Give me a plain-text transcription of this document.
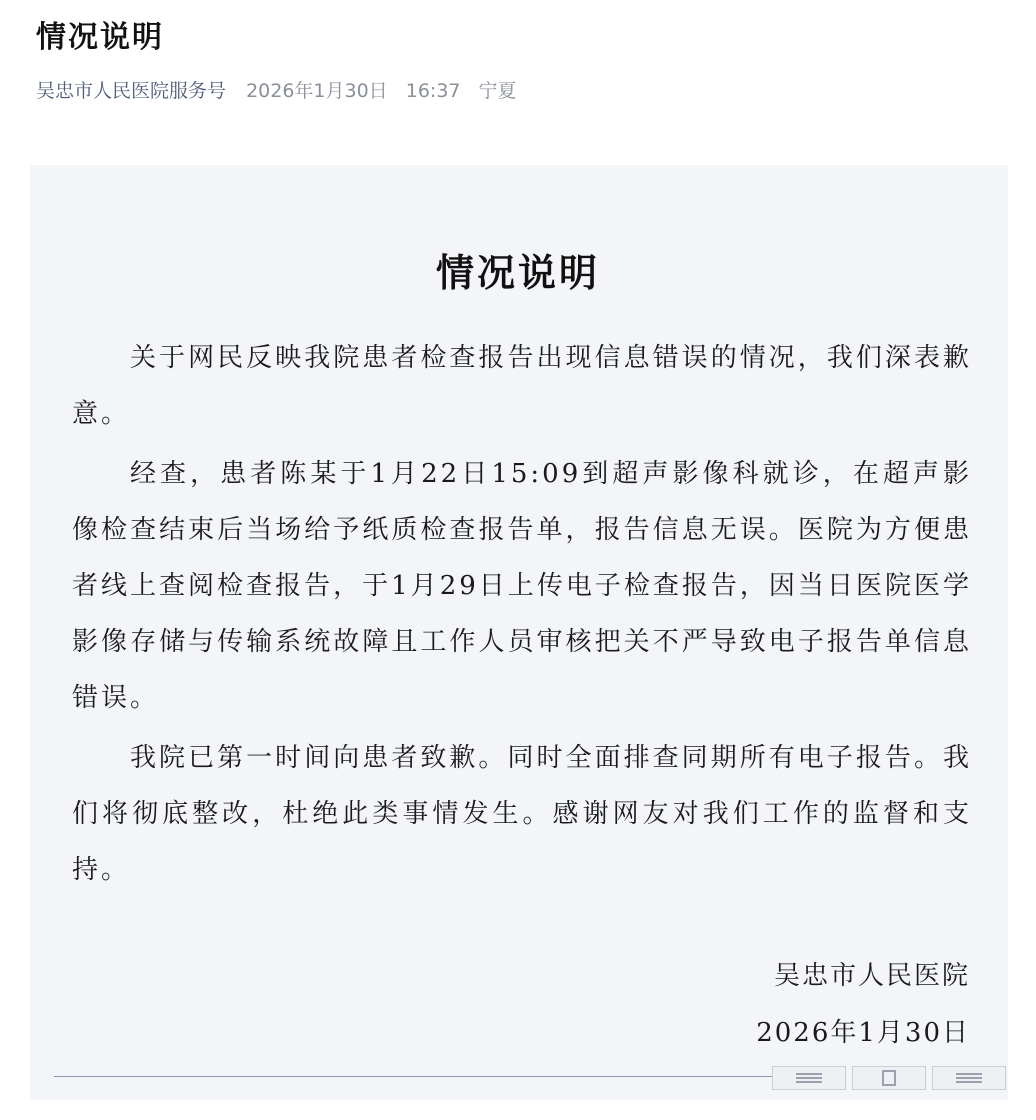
情况说明
吴忠市人民医院服务号 2026年1月30日 16:37 宁夏
情况说明

关于网民反映我院患者检查报告出现信息错误的情况，我们深表歉意。

经查，患者陈某于1月22日15:09到超声影像科就诊，在超声影像检查结束后当场给予纸质检查报告单，报告信息无误。医院为方便患者线上查阅检查报告，于1月29日上传电子检查报告，因当日医院医学影像存储与传输系统故障且工作人员审核把关不严导致电子报告单信息错误。

我院已第一时间向患者致歉。同时全面排查同期所有电子报告。我们将彻底整改，杜绝此类事情发生。感谢网友对我们工作的监督和支持。

吴忠市人民医院
2026年1月30日
